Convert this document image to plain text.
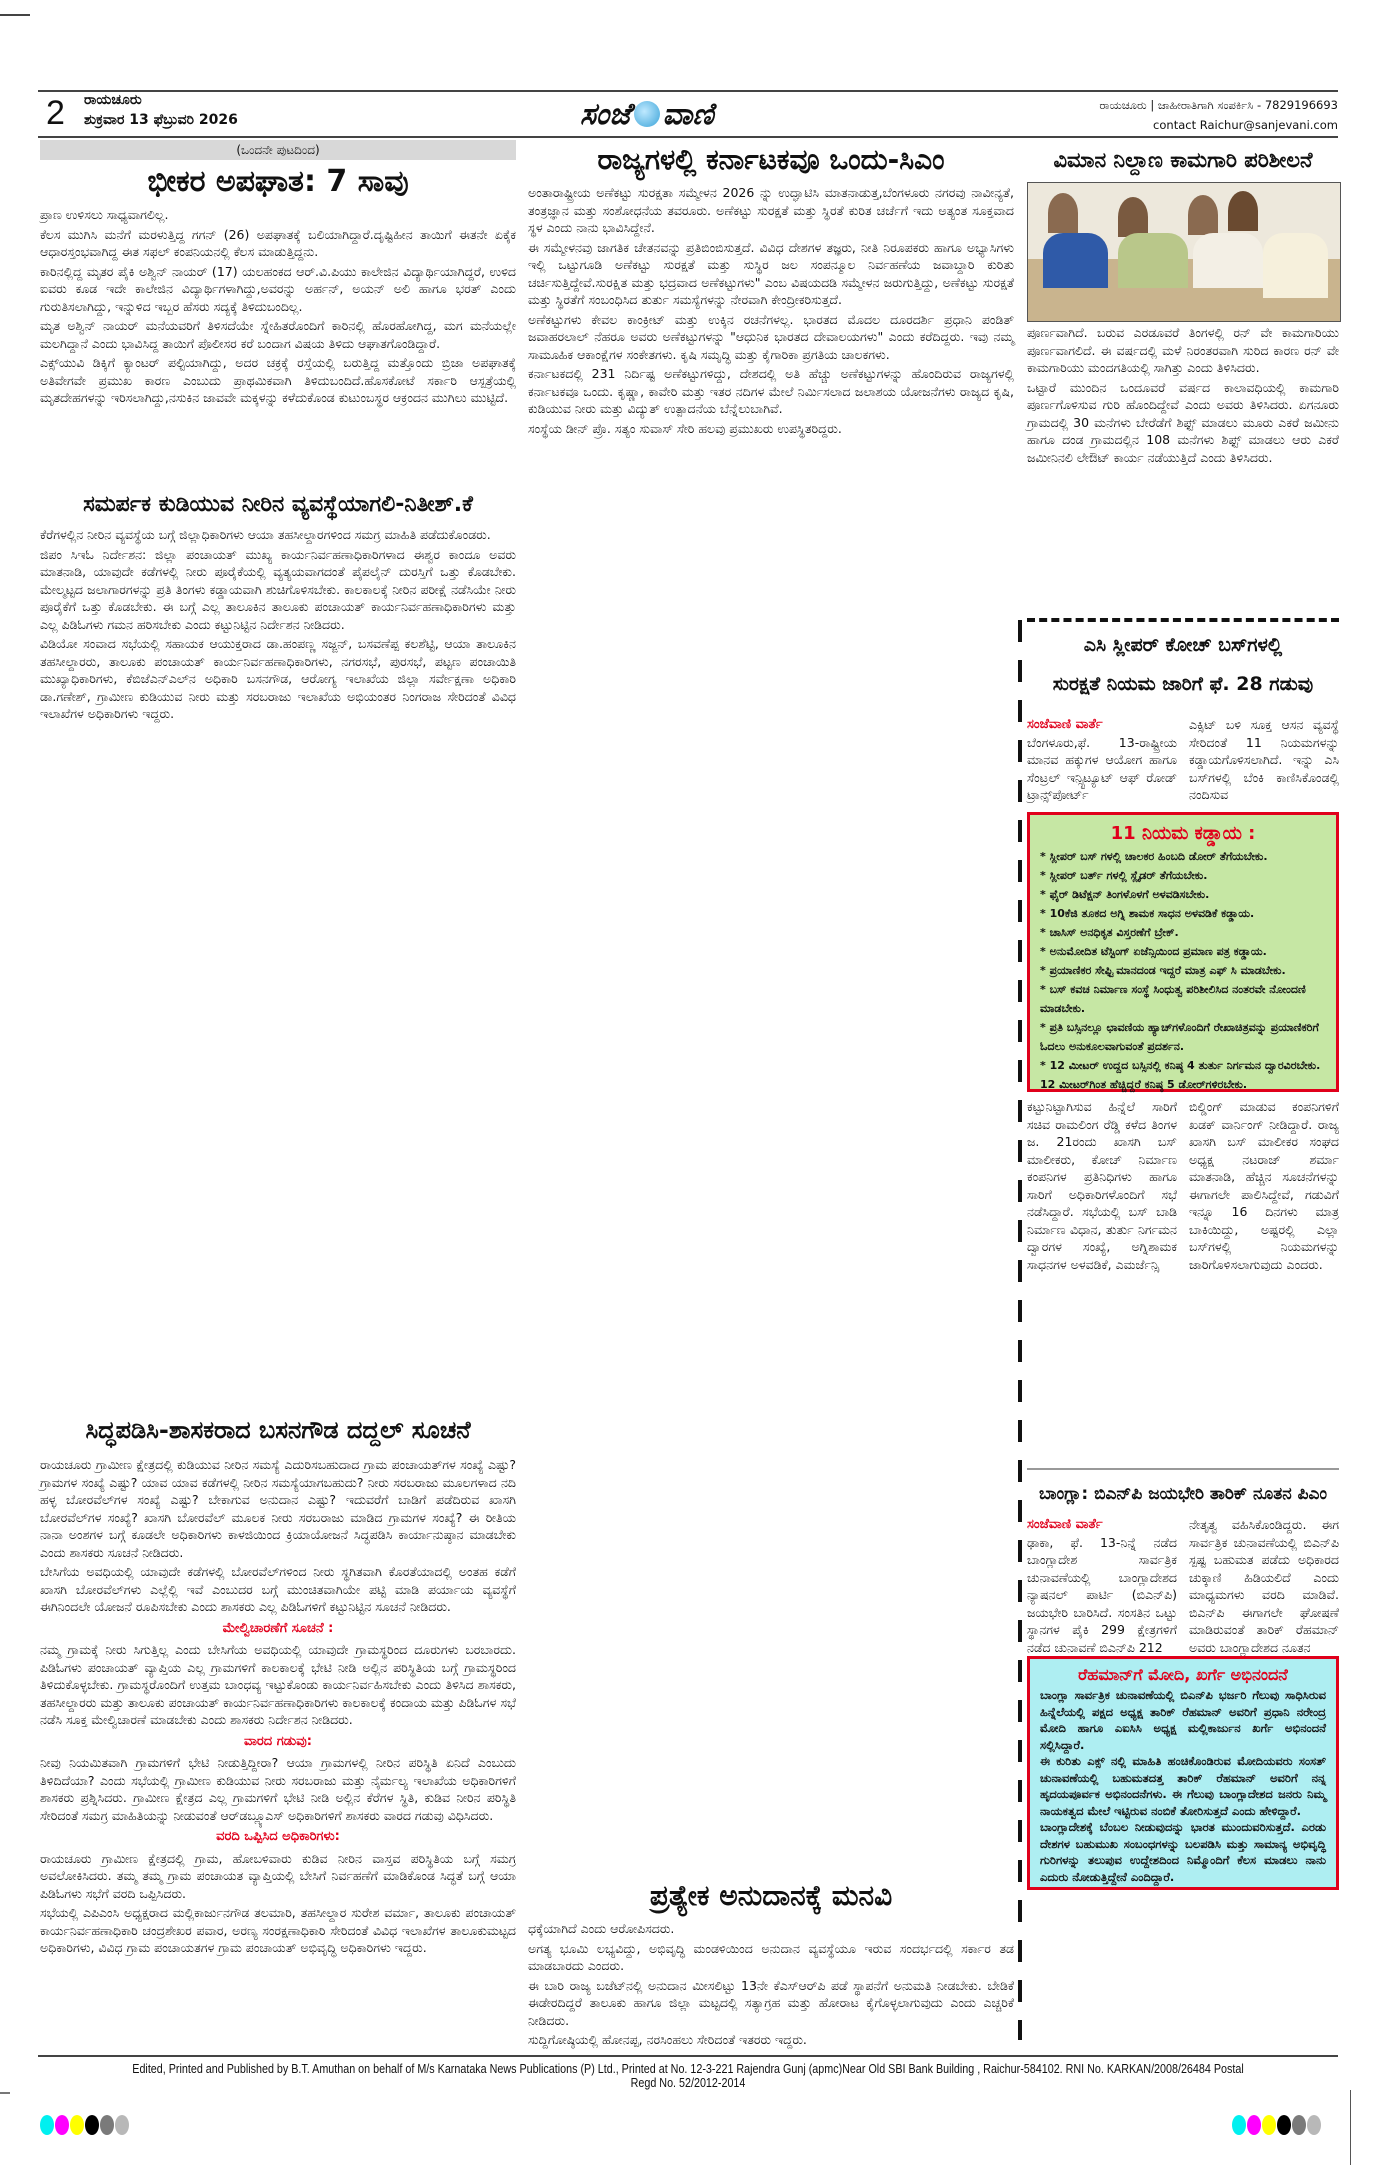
2 ರಾಯಚೂರು
ಶುಕ್ರವಾರ 13 ಫೆಬ್ರುವರಿ 2026	ಸಂಜೆ ವಾಣಿ	ರಾಯಚೂರು | ಜಾಹೀರಾತಿಗಾಗಿ ಸಂಪರ್ಕಿಸಿ - 7829196693
contact Raichur@sanjevani.com
(ಒಂದನೇ ಪುಟದಿಂದ)
ಭೀಕರ ಅಪಘಾತ: 7 ಸಾವು

ಪ್ರಾಣ ಉಳಿಸಲು ಸಾಧ್ಯವಾಗಲಿಲ್ಲ.

ಕೆಲಸ ಮುಗಿಸಿ ಮನೆಗೆ ಮರಳುತ್ತಿದ್ದ ಗಗನ್ (26) ಅಪಘಾತಕ್ಕೆ ಬಲಿಯಾಗಿದ್ದಾರೆ.ದೃಷ್ಟಿಹೀನ ತಾಯಿಗೆ ಈತನೇ ಏಕೈಕ ಆಧಾರಸ್ತಂಭವಾಗಿದ್ದ ಈತ ಸಫಲ್ ಕಂಪನಿಯನಲ್ಲಿ ಕೆಲಸ ಮಾಡುತ್ತಿದ್ದನು.

ಕಾರಿನಲ್ಲಿದ್ದ ಮೃತರ ಪೈಕಿ ಅಶ್ವಿನ್ ನಾಯರ್ (17) ಯಲಹಂಕದ ಆರ್.ವಿ.ಪಿಯು ಕಾಲೇಜಿನ ವಿದ್ಯಾರ್ಥಿಯಾಗಿದ್ದರೆ, ಉಳಿದ ಐವರು ಕೂಡ ಇದೇ ಕಾಲೇಜಿನ ವಿದ್ಯಾರ್ಥಿಗಳಾಗಿದ್ದು,ಅವರನ್ನು ಅರ್ಹನ್, ಅಯನ್ ಅಲಿ ಹಾಗೂ ಭರತ್ ಎಂದು ಗುರುತಿಸಲಾಗಿದ್ದು, ಇನ್ನುಳಿದ ಇಬ್ಬರ ಹೆಸರು ಸದ್ಯಕ್ಕೆ ತಿಳಿದುಬಂದಿಲ್ಲ.

ಮೃತ ಅಶ್ವಿನ್ ನಾಯರ್ ಮನೆಯವರಿಗೆ ತಿಳಿಸದೆಯೇ ಸ್ನೇಹಿತರೊಂದಿಗೆ ಕಾರಿನಲ್ಲಿ ಹೊರಹೋಗಿದ್ದ, ಮಗ ಮನೆಯಲ್ಲೇ ಮಲಗಿದ್ದಾನೆ ಎಂದು ಭಾವಿಸಿದ್ದ ತಾಯಿಗೆ ಪೊಲೀಸರ ಕರೆ ಬಂದಾಗ ವಿಷಯ ತಿಳಿದು ಆಘಾತಗೊಂಡಿದ್ದಾರೆ.

ಎಕ್ಸ್‌ಯುವಿ ಡಿಕ್ಕಿಗೆ ಕ್ಯಾಂಟರ್ ಪಲ್ಟಿಯಾಗಿದ್ದು, ಅದರ ಚಕ್ರಕ್ಕೆ ರಸ್ತೆಯಲ್ಲಿ ಬರುತ್ತಿದ್ದ ಮತ್ತೊಂದು ಬ್ರಿಜಾ ಅಪಘಾತಕ್ಕೆ ಅತಿವೇಗವೇ ಪ್ರಮುಖ ಕಾರಣ ಎಂಬುದು ಪ್ರಾಥಮಿಕವಾಗಿ ತಿಳಿದುಬಂದಿದೆ.ಹೊಸಕೋಟೆ ಸರ್ಕಾರಿ ಆಸ್ಪತ್ರೆಯಲ್ಲಿ ಮೃತದೇಹಗಳನ್ನು ಇರಿಸಲಾಗಿದ್ದು,ನಸುಕಿನ ಜಾವವೇ ಮಕ್ಕಳನ್ನು ಕಳೆದುಕೊಂಡ ಕುಟುಂಬಸ್ಥರ ಆಕ್ರಂದನ ಮುಗಿಲು ಮುಟ್ಟಿದೆ.

ಸಮರ್ಪಕ ಕುಡಿಯುವ ನೀರಿನ ವ್ಯವಸ್ಥೆಯಾಗಲಿ-ನಿತೀಶ್.ಕೆ

ಕೆರೆಗಳಲ್ಲಿನ ನೀರಿನ ವ್ಯವಸ್ಥೆಯ ಬಗ್ಗೆ ಜಿಲ್ಲಾಧಿಕಾರಿಗಳು ಆಯಾ ತಹಸೀಲ್ದಾರಗಳಿಂದ ಸಮಗ್ರ ಮಾಹಿತಿ ಪಡೆದುಕೊಂಡರು.

ಜಿಪಂ ಸಿಇಓ ನಿರ್ದೇಶನ: ಜಿಲ್ಲಾ ಪಂಚಾಯತ್ ಮುಖ್ಯ ಕಾರ್ಯನಿರ್ವಹಣಾಧಿಕಾರಿಗಳಾದ ಈಶ್ವರ ಕಾಂದೂ ಅವರು ಮಾತನಾಡಿ, ಯಾವುದೇ ಕಡೆಗಳಲ್ಲಿ ನೀರು ಪೂರೈಕೆಯಲ್ಲಿ ವ್ಯತ್ಯಯವಾಗದಂತೆ ಪೈಪಲೈನ್ ದುರಸ್ತಿಗೆ ಒತ್ತು ಕೊಡಬೇಕು. ಮೇಲ್ಮಟ್ಟದ ಜಲಾಗಾರಗಳನ್ನು ಪ್ರತಿ ತಿಂಗಳು ಕಡ್ಡಾಯವಾಗಿ ಶುಚಿಗೊಳಿಸಬೇಕು. ಕಾಲಕಾಲಕ್ಕೆ ನೀರಿನ ಪರೀಕ್ಷೆ ನಡೆಸಿಯೇ ನೀರು ಪೂರೈಕೆಗೆ ಒತ್ತು ಕೊಡಬೇಕು. ಈ ಬಗ್ಗೆ ಎಲ್ಲ ತಾಲೂಕಿನ ತಾಲೂಕು ಪಂಚಾಯತ್ ಕಾರ್ಯನಿರ್ವಹಣಾಧಿಕಾರಿಗಳು ಮತ್ತು ಎಲ್ಲ ಪಿಡಿಓಗಳು ಗಮನ ಹರಿಸಬೇಕು ಎಂದು ಕಟ್ಟುನಿಟ್ಟಿನ ನಿರ್ದೇಶನ ನೀಡಿದರು.

ವಿಡಿಯೋ ಸಂವಾದ ಸಭೆಯಲ್ಲಿ ಸಹಾಯಕ ಆಯುಕ್ತರಾದ ಡಾ.ಹಂಪಣ್ಣ ಸಜ್ಜನ್, ಬಸವಣೆಪ್ಪ ಕಲಶೆಟ್ಟಿ, ಆಯಾ ತಾಲೂಕಿನ ತಹಸೀಲ್ದಾರರು, ತಾಲೂಕು ಪಂಚಾಯತ್ ಕಾರ್ಯನಿರ್ವಹಣಾಧಿಕಾರಿಗಳು, ನಗರಸಭೆ, ಪುರಸಭೆ, ಪಟ್ಟಣ ಪಂಚಾಯಿತಿ ಮುಖ್ಯಾಧಿಕಾರಿಗಳು, ಕೆಬಿಜೆಎನ್‌ಎಲ್‌ನ ಅಧಿಕಾರಿ ಬಸನಗೌಡ, ಆರೋಗ್ಯ ಇಲಾಖೆಯ ಜಿಲ್ಲಾ ಸರ್ವೇಕ್ಷಣಾ ಅಧಿಕಾರಿ ಡಾ.ಗಣೇಶ್, ಗ್ರಾಮೀಣ ಕುಡಿಯುವ ನೀರು ಮತ್ತು ಸರಬರಾಜು ಇಲಾಖೆಯ ಅಭಿಯಂತರ ನಿಂಗರಾಜ ಸೇರಿದಂತೆ ವಿವಿಧ ಇಲಾಖೆಗಳ ಅಧಿಕಾರಿಗಳು ಇದ್ದರು.

ಸಿದ್ಧಪಡಿಸಿ-ಶಾಸಕರಾದ ಬಸನಗೌಡ ದದ್ದಲ್ ಸೂಚನೆ

ರಾಯಚೂರು ಗ್ರಾಮೀಣ ಕ್ಷೇತ್ರದಲ್ಲಿ ಕುಡಿಯುವ ನೀರಿನ ಸಮಸ್ಯೆ ಎದುರಿಸಬಹುದಾದ ಗ್ರಾಮ ಪಂಚಾಯತ್‌ಗಳ ಸಂಖ್ಯೆ ಎಷ್ಟು? ಗ್ರಾಮಗಳ ಸಂಖ್ಯೆ ಎಷ್ಟು? ಯಾವ ಯಾವ ಕಡೆಗಳಲ್ಲಿ ನೀರಿನ ಸಮಸ್ಯೆಯಾಗಬಹುದು? ನೀರು ಸರಬರಾಜು ಮೂಲಗಳಾದ ನದಿ ಹಳ್ಳ ಬೋರವೆಲ್‌ಗಳ ಸಂಖ್ಯೆ ಎಷ್ಟು? ಬೇಕಾಗುವ ಅನುದಾನ ಎಷ್ಟು? ಇದುವರೆಗೆ ಬಾಡಿಗೆ ಪಡೆದಿರುವ ಖಾಸಗಿ ಬೋರವೆಲ್‌ಗಳ ಸಂಖ್ಯೆ? ಖಾಸಗಿ ಬೋರವೆಲ್ ಮೂಲಕ ನೀರು ಸರಬರಾಜು ಮಾಡಿದ ಗ್ರಾಮಗಳ ಸಂಖ್ಯೆ? ಈ ರೀತಿಯ ನಾನಾ ಅಂಶಗಳ ಬಗ್ಗೆ ಕೂಡಲೇ ಅಧಿಕಾರಿಗಳು ಕಾಳಜಿಯಿಂದ ಕ್ರಿಯಾಯೋಜನೆ ಸಿದ್ಧಪಡಿಸಿ ಕಾರ್ಯಾನುಷ್ಠಾನ ಮಾಡಬೇಕು ಎಂದು ಶಾಸಕರು ಸೂಚನೆ ನೀಡಿದರು.

ಬೇಸಿಗೆಯ ಅವಧಿಯಲ್ಲಿ ಯಾವುದೇ ಕಡೆಗಳಲ್ಲಿ ಬೋರವೆಲ್‌ಗಳಿಂದ ನೀರು ಸ್ಥಗಿತವಾಗಿ ಕೊರತೆಯಾದಲ್ಲಿ ಅಂತಹ ಕಡೆಗೆ ಖಾಸಗಿ ಬೋರವೆಲ್‌ಗಳು ಎಲ್ಲೆಲ್ಲಿ ಇವೆ ಎಂಬುದರ ಬಗ್ಗೆ ಮುಂಚಿತವಾಗಿಯೇ ಪಟ್ಟಿ ಮಾಡಿ ಪರ್ಯಾಯ ವ್ಯವಸ್ಥೆಗೆ ಈಗಿನಿಂದಲೇ ಯೋಜನೆ ರೂಪಿಸಬೇಕು ಎಂದು ಶಾಸಕರು ಎಲ್ಲ ಪಿಡಿಓಗಳಿಗೆ ಕಟ್ಟುನಿಟ್ಟಿನ ಸೂಚನೆ ನೀಡಿದರು.

ಮೇಲ್ವಿಚಾರಣೆಗೆ ಸೂಚನೆ :

ನಮ್ಮ ಗ್ರಾಮಕ್ಕೆ ನೀರು ಸಿಗುತ್ತಿಲ್ಲ ಎಂದು ಬೇಸಿಗೆಯ ಅವಧಿಯಲ್ಲಿ ಯಾವುದೇ ಗ್ರಾಮಸ್ಥರಿಂದ ದೂರುಗಳು ಬರಬಾರದು. ಪಿಡಿಓಗಳು ಪಂಚಾಯತ್ ವ್ಯಾಪ್ತಿಯ ಎಲ್ಲ ಗ್ರಾಮಗಳಿಗೆ ಕಾಲಕಾಲಕ್ಕೆ ಭೇಟಿ ನೀಡಿ ಅಲ್ಲಿನ ಪರಿಸ್ಥಿತಿಯ ಬಗ್ಗೆ ಗ್ರಾಮಸ್ಥರಿಂದ ತಿಳಿದುಕೊಳ್ಳಬೇಕು. ಗ್ರಾಮಸ್ಥರೊಂದಿಗೆ ಉತ್ತಮ ಬಾಂಧವ್ಯ ಇಟ್ಟುಕೊಂಡು ಕಾರ್ಯನಿರ್ವಹಿಸಬೇಕು ಎಂದು ತಿಳಿಸಿದ ಶಾಸಕರು, ತಹಸೀಲ್ದಾರರು ಮತ್ತು ತಾಲೂಕು ಪಂಚಾಯತ್ ಕಾರ್ಯನಿರ್ವಹಣಾಧಿಕಾರಿಗಳು ಕಾಲಕಾಲಕ್ಕೆ ಕಂದಾಯ ಮತ್ತು ಪಿಡಿಓಗಳ ಸಭೆ ನಡೆಸಿ ಸೂಕ್ತ ಮೇಲ್ವಿಚಾರಣೆ ಮಾಡಬೇಕು ಎಂದು ಶಾಸಕರು ನಿರ್ದೇಶನ ನೀಡಿದರು.

ವಾರದ ಗಡುವು:

ನೀವು ನಿಯಮಿತವಾಗಿ ಗ್ರಾಮಗಳಿಗೆ ಭೇಟಿ ನೀಡುತ್ತಿದ್ದೀರಾ? ಆಯಾ ಗ್ರಾಮಗಳಲ್ಲಿ ನೀರಿನ ಪರಿಸ್ಥಿತಿ ಏನಿದೆ ಎಂಬುದು ತಿಳಿದಿದೆಯಾ? ಎಂದು ಸಭೆಯಲ್ಲಿ ಗ್ರಾಮೀಣ ಕುಡಿಯುವ ನೀರು ಸರಬರಾಜು ಮತ್ತು ನೈರ್ಮಲ್ಯ ಇಲಾಖೆಯ ಅಧಿಕಾರಿಗಳಿಗೆ ಶಾಸಕರು ಪ್ರಶ್ನಿಸಿದರು. ಗ್ರಾಮೀಣ ಕ್ಷೇತ್ರದ ಎಲ್ಲ ಗ್ರಾಮಗಳಿಗೆ ಭೇಟಿ ನೀಡಿ ಅಲ್ಲಿನ ಕೆರೆಗಳ ಸ್ಥಿತಿ, ಕುಡಿವ ನೀರಿನ ಪರಿಸ್ಥಿತಿ ಸೇರಿದಂತೆ ಸಮಗ್ರ ಮಾಹಿತಿಯನ್ನು ನೀಡುವಂತೆ ಆರ್‌ಡಬ್ಲ್ಯೂಎಸ್ ಅಧಿಕಾರಿಗಳಿಗೆ ಶಾಸಕರು ವಾರದ ಗಡುವು ವಿಧಿಸಿದರು.

ವರದಿ ಒಪ್ಪಿಸಿದ ಅಧಿಕಾರಿಗಳು:

ರಾಯಚೂರು ಗ್ರಾಮೀಣ ಕ್ಷೇತ್ರದಲ್ಲಿ ಗ್ರಾಮ, ಹೋಬಳಿವಾರು ಕುಡಿವ ನೀರಿನ ವಾಸ್ತವ ಪರಿಸ್ಥಿತಿಯ ಬಗ್ಗೆ ಸಮಗ್ರ ಅವಲೋಕಿಸಿದರು. ತಮ್ಮ ತಮ್ಮ ಗ್ರಾಮ ಪಂಚಾಯತ ವ್ಯಾಪ್ತಿಯಲ್ಲಿ ಬೇಸಿಗೆ ನಿರ್ವಹಣೆಗೆ ಮಾಡಿಕೊಂಡ ಸಿದ್ಧತೆ ಬಗ್ಗೆ ಆಯಾ ಪಿಡಿಓಗಳು ಸಭೆಗೆ ವರದಿ ಒಪ್ಪಿಸಿದರು.

ಸಭೆಯಲ್ಲಿ ಎಪಿಎಂಸಿ ಅಧ್ಯಕ್ಷರಾದ ಮಲ್ಲಿಕಾರ್ಜುನಗೌಡ ತಲಮಾರಿ, ತಹಸೀಲ್ದಾರ ಸುರೇಶ ವರ್ಮಾ, ತಾಲೂಕು ಪಂಚಾಯತ್ ಕಾರ್ಯನಿರ್ವಹಣಾಧಿಕಾರಿ ಚಂದ್ರಶೇಖರ ಪವಾರ, ಅರಣ್ಯ ಸಂರಕ್ಷಣಾಧಿಕಾರಿ ಸೇರಿದಂತೆ ವಿವಿಧ ಇಲಾಖೆಗಳ ತಾಲೂಕುಮಟ್ಟದ ಅಧಿಕಾರಿಗಳು, ವಿವಿಧ ಗ್ರಾಮ ಪಂಚಾಯತಗಳ ಗ್ರಾಮ ಪಂಚಾಯತ್ ಅಭಿವೃದ್ಧಿ ಅಧಿಕಾರಿಗಳು ಇದ್ದರು.

ರಾಜ್ಯಗಳಲ್ಲಿ ಕರ್ನಾಟಕವೂ ಒಂದು-ಸಿಎಂ

ಅಂತಾರಾಷ್ಟ್ರೀಯ ಅಣೆಕಟ್ಟು ಸುರಕ್ಷತಾ ಸಮ್ಮೇಳನ 2026 ನ್ನು ಉದ್ಘಾಟಿಸಿ ಮಾತನಾಡುತ್ತ,ಬೆಂಗಳೂರು ನಗರವು ನಾವೀನ್ಯತೆ, ತಂತ್ರಜ್ಞಾನ ಮತ್ತು ಸಂಶೋಧನೆಯ ತವರೂರು. ಅಣೆಕಟ್ಟು ಸುರಕ್ಷತೆ ಮತ್ತು ಸ್ಥಿರತೆ ಕುರಿತ ಚರ್ಚೆಗೆ ಇದು ಅತ್ಯಂತ ಸೂಕ್ತವಾದ ಸ್ಥಳ ಎಂದು ನಾನು ಭಾವಿಸಿದ್ದೇನೆ.

ಈ ಸಮ್ಮೇಳನವು ಜಾಗತಿಕ ಚೇತನವನ್ನು ಪ್ರತಿಬಿಂಬಿಸುತ್ತದೆ. ವಿವಿಧ ದೇಶಗಳ ತಜ್ಞರು, ನೀತಿ ನಿರೂಪಕರು ಹಾಗೂ ಅಭ್ಯಾಸಿಗಳು ಇಲ್ಲಿ ಒಟ್ಟುಗೂಡಿ ಅಣೆಕಟ್ಟು ಸುರಕ್ಷತೆ ಮತ್ತು ಸುಸ್ಥಿರ ಜಲ ಸಂಪನ್ಮೂಲ ನಿರ್ವಹಣೆಯ ಜವಾಬ್ದಾರಿ ಕುರಿತು ಚರ್ಚಿಸುತ್ತಿದ್ದೇವೆ.ಸುರಕ್ಷಿತ ಮತ್ತು ಭದ್ರವಾದ ಅಣೆಕಟ್ಟುಗಳು" ಎಂಬ ವಿಷಯದಡಿ ಸಮ್ಮೇಳನ ಜರುಗುತ್ತಿದ್ದು, ಅಣೆಕಟ್ಟು ಸುರಕ್ಷತೆ ಮತ್ತು ಸ್ಥಿರತೆಗೆ ಸಂಬಂಧಿಸಿದ ತುರ್ತು ಸಮಸ್ಯೆಗಳನ್ನು ನೇರವಾಗಿ ಕೇಂದ್ರೀಕರಿಸುತ್ತದೆ.

ಅಣೆಕಟ್ಟುಗಳು ಕೇವಲ ಕಾಂಕ್ರೀಟ್ ಮತ್ತು ಉಕ್ಕಿನ ರಚನೆಗಳಲ್ಲ. ಭಾರತದ ಮೊದಲ ದೂರದರ್ಶಿ ಪ್ರಧಾನಿ ಪಂಡಿತ್ ಜವಾಹರಲಾಲ್ ನೆಹರೂ ಅವರು ಅಣೆಕಟ್ಟುಗಳನ್ನು "ಆಧುನಿಕ ಭಾರತದ ದೇವಾಲಯಗಳು" ಎಂದು ಕರೆದಿದ್ದರು. ಇವು ನಮ್ಮ ಸಾಮೂಹಿಕ ಆಕಾಂಕ್ಷೆಗಳ ಸಂಕೇತಗಳು. ಕೃಷಿ ಸಮೃದ್ಧಿ ಮತ್ತು ಕೈಗಾರಿಕಾ ಪ್ರಗತಿಯ ಚಾಲಕಗಳು.

ಕರ್ನಾಟಕದಲ್ಲಿ 231 ನಿರ್ದಿಷ್ಟ ಅಣೆಕಟ್ಟುಗಳಿದ್ದು, ದೇಶದಲ್ಲಿ ಅತಿ ಹೆಚ್ಚು ಅಣೆಕಟ್ಟುಗಳನ್ನು ಹೊಂದಿರುವ ರಾಜ್ಯಗಳಲ್ಲಿ ಕರ್ನಾಟಕವೂ ಒಂದು. ಕೃಷ್ಣಾ, ಕಾವೇರಿ ಮತ್ತು ಇತರ ನದಿಗಳ ಮೇಲೆ ನಿರ್ಮಿಸಲಾದ ಜಲಾಶಯ ಯೋಜನೆಗಳು ರಾಜ್ಯದ ಕೃಷಿ, ಕುಡಿಯುವ ನೀರು ಮತ್ತು ವಿದ್ಯುತ್ ಉತ್ಪಾದನೆಯ ಬೆನ್ನೆಲುಬಾಗಿವೆ.

ಸಂಸ್ಥೆಯ ಡೀನ್ ಪ್ರೊ. ಸತ್ಯಂ ಸುವಾಸ್ ಸೇರಿ ಹಲವು ಪ್ರಮುಖರು ಉಪಸ್ಥಿತರಿದ್ದರು.

ಪ್ರತ್ಯೇಕ ಅನುದಾನಕ್ಕೆ ಮನವಿ

ಧಕ್ಕೆಯಾಗಿದೆ ಎಂದು ಆರೋಪಿಸದರು.

ಅಗತ್ಯ ಭೂಮಿ ಲಭ್ಯವಿದ್ದು, ಅಭಿವೃದ್ಧಿ ಮಂಡಳಿಯಿಂದ ಅನುದಾನ ವ್ಯವಸ್ಥೆಯೂ ಇರುವ ಸಂದರ್ಭದಲ್ಲಿ ಸರ್ಕಾರ ತಡ ಮಾಡಬಾರದು ಎಂದರು.

ಈ ಬಾರಿ ರಾಜ್ಯ ಬಜೆಟ್‌ನಲ್ಲಿ ಅನುದಾನ ಮೀಸಲಿಟ್ಟು 13ನೇ ಕೆಎಸ್‌ಆರ್‌ಪಿ ಪಡೆ ಸ್ಥಾಪನೆಗೆ ಅನುಮತಿ ನೀಡಬೇಕು. ಬೇಡಿಕೆ ಈಡೇರದಿದ್ದರೆ ತಾಲೂಕು ಹಾಗೂ ಜಿಲ್ಲಾ ಮಟ್ಟದಲ್ಲಿ ಸತ್ಯಾಗ್ರಹ ಮತ್ತು ಹೋರಾಟ ಕೈಗೊಳ್ಳಲಾಗುವುದು ಎಂದು ಎಚ್ಚರಿಕೆ ನೀಡಿದರು.

ಸುದ್ದಿಗೋಷ್ಠಿಯಲ್ಲಿ ಹೋನಪ್ಪ, ನರಸಿಂಹಲು ಸೇರಿದಂತೆ ಇತರರು ಇದ್ದರು.

ವಿಮಾನ ನಿಲ್ದಾಣ ಕಾಮಗಾರಿ ಪರಿಶೀಲನೆ

ಪೂರ್ಣವಾಗಿದೆ. ಬರುವ ಎರಡೂವರೆ ತಿಂಗಳಲ್ಲಿ ರನ್ ವೇ ಕಾಮಗಾರಿಯು ಪೂರ್ಣವಾಗಲಿದೆ. ಈ ವರ್ಷದಲ್ಲಿ ಮಳೆ ನಿರಂತರವಾಗಿ ಸುರಿದ ಕಾರಣ ರನ್ ವೇ ಕಾಮಗಾರಿಯು ಮಂದಗತಿಯಲ್ಲಿ ಸಾಗಿತ್ತು ಎಂದು ತಿಳಿಸಿದರು.

ಒಟ್ಟಾರೆ ಮುಂದಿನ ಒಂದೂವರೆ ವರ್ಷದ ಕಾಲಾವಧಿಯಲ್ಲಿ ಕಾಮಗಾರಿ ಪೂರ್ಣಗೊಳಿಸುವ ಗುರಿ ಹೊಂದಿದ್ದೇವೆ ಎಂದು ಅವರು ತಿಳಿಸಿದರು. ಏಗನೂರು ಗ್ರಾಮದಲ್ಲಿ 30 ಮನೆಗಳು ಬೇರೆಡೆಗೆ ಶಿಫ್ಟ್ ಮಾಡಲು ಮೂರು ಎಕರೆ ಜಮೀನು ಹಾಗೂ ದಂಡ ಗ್ರಾಮದಲ್ಲಿನ 108 ಮನೆಗಳು ಶಿಫ್ಟ್ ಮಾಡಲು ಆರು ಎಕರೆ ಜಮೀನಿನಲಿ ಲೇಔಟ್ ಕಾರ್ಯ ನಡೆಯುತ್ತಿದೆ ಎಂದು ತಿಳಿಸಿದರು.

ಎಸಿ ಸ್ಲೀಪರ್ ಕೋಚ್ ಬಸ್‌ಗಳಲ್ಲಿ
ಸುರಕ್ಷತೆ ನಿಯಮ ಜಾರಿಗೆ ಫೆ. 28 ಗಡುವು
ಸಂಜೆವಾಣಿ ವಾರ್ತೆ
ಬೆಂಗಳೂರು,ಫೆ. 13-ರಾಷ್ಟ್ರೀಯ ಮಾನವ ಹಕ್ಕುಗಳ ಆಯೋಗ ಹಾಗೂ ಸೆಂಟ್ರಲ್ ಇನ್ಸ್ಟಿಟ್ಯೂಟ್ ಆಫ್ ರೋಡ್ ಟ್ರಾನ್ಸ್‌ಪೋರ್ಟ್
ಎಕ್ಸಿಟ್ ಬಳಿ ಸೂಕ್ತ ಆಸನ ವ್ಯವಸ್ಥೆ ಸೇರಿದಂತೆ 11 ನಿಯಮಗಳನ್ನು ಕಡ್ಡಾಯಗೊಳಿಸಲಾಗಿದೆ. ಇನ್ನು ಎಸಿ ಬಸ್‌ಗಳಲ್ಲಿ ಬೆಂಕಿ ಕಾಣಿಸಿಕೊಂಡಲ್ಲಿ ನಂದಿಸುವ
11 ನಿಯಮ ಕಡ್ಡಾಯ :
* ಸ್ಲೀಪರ್ ಬಸ್ ಗಳಲ್ಲಿ ಚಾಲಕರ ಹಿಂಬದಿ ಡೋರ್ ತೆಗೆಯಬೇಕು.
* ಸ್ಲೀಪರ್ ಬರ್ತ್ ಗಳಲ್ಲಿ ಸ್ಲೈಡರ್ ತೆಗೆಯಬೇಕು.
* ಫೈರ್ ಡಿಟೆಕ್ಷನ್ ತಿಂಗಳೊಳಗೆ ಅಳವಡಿಸಬೇಕು.
* 10ಕೆಜಿ ತೂಕದ ಅಗ್ನಿ ಶಾಮಕ ಸಾಧನ ಅಳವಡಿಕೆ ಕಡ್ಡಾಯ.
* ಚಾಸಿಸ್ ಅನಧಿಕೃತ ವಿಸ್ತರಣೆಗೆ ಬ್ರೇಕ್.
* ಅನುಮೋದಿತ ಟೆಸ್ಟಿಂಗ್ ಏಜೆನ್ಸಿಯಿಂದ ಪ್ರಮಾಣ ಪತ್ರ ಕಡ್ಡಾಯ.
* ಪ್ರಯಾಣಿಕರ ಸೇಫ್ಟಿ ಮಾನದಂಡ ಇದ್ದರೆ ಮಾತ್ರ ಎಫ್ ಸಿ ಮಾಡಬೇಕು.
* ಬಸ್ ಕವಚ ನಿರ್ಮಾಣ ಸಂಸ್ಥೆ ಸಿಂಧುತ್ವ ಪರಿಶೀಲಿಸಿದ ನಂತರವೇ ನೋಂದಣಿ ಮಾಡಬೇಕು.
* ಪ್ರತಿ ಬಸ್ಸಿನಲ್ಲೂ ಛಾವಣಿಯ ಹ್ಯಾಚ್‌ಗಳೊಂದಿಗೆ ರೇಖಾಚಿತ್ರವನ್ನು ಪ್ರಯಾಣಿಕರಿಗೆ ಓದಲು ಅನುಕೂಲವಾಗುವಂತೆ ಪ್ರದರ್ಶನ.
* 12 ಮೀಟರ್ ಉದ್ದದ ಬಸ್ಸಿನಲ್ಲಿ ಕನಿಷ್ಠ 4 ತುರ್ತು ನಿರ್ಗಮನ ದ್ವಾರವಿರಬೇಕು. 12 ಮೀಟರ್‌ಗಿಂತ ಹೆಚ್ಚಿದ್ದರೆ ಕನಿಷ್ಠ 5 ಡೋರ್‌ಗಳಿರಬೇಕು.
ಕಟ್ಟುನಿಟ್ಟಾಗಿಸುವ ಹಿನ್ನೆಲೆ ಸಾರಿಗೆ ಸಚಿವ ರಾಮಲಿಂಗ ರೆಡ್ಡಿ ಕಳೆದ ತಿಂಗಳ ಜ. 21ರಂದು ಖಾಸಗಿ ಬಸ್ ಮಾಲೀಕರು, ಕೋಚ್ ನಿರ್ಮಾಣ ಕಂಪನಿಗಳ ಪ್ರತಿನಿಧಿಗಳು ಹಾಗೂ ಸಾರಿಗೆ ಅಧಿಕಾರಿಗಳೊಂದಿಗೆ ಸಭೆ ನಡೆಸಿದ್ದಾರೆ. ಸಭೆಯಲ್ಲಿ ಬಸ್ ಬಾಡಿ ನಿರ್ಮಾಣ ವಿಧಾನ, ತುರ್ತು ನಿರ್ಗಮನ ದ್ವಾರಗಳ ಸಂಖ್ಯೆ, ಅಗ್ನಿಶಾಮಕ ಸಾಧನಗಳ ಅಳವಡಿಕೆ, ಎಮರ್ಜೆನ್ಸಿ
ಬಿಲ್ಡಿಂಗ್ ಮಾಡುವ ಕಂಪನಿಗಳಿಗೆ ಖಡಕ್ ವಾರ್ನಿಂಗ್ ನೀಡಿದ್ದಾರೆ. ರಾಜ್ಯ ಖಾಸಗಿ ಬಸ್ ಮಾಲೀಕರ ಸಂಘದ ಅಧ್ಯಕ್ಷ ನಟರಾಜ್ ಶರ್ಮಾ ಮಾತನಾಡಿ, ಹೆಚ್ಚಿನ ಸೂಚನೆಗಳನ್ನು ಈಗಾಗಲೇ ಪಾಲಿಸಿದ್ದೇವೆ, ಗಡುವಿಗೆ ಇನ್ನೂ 16 ದಿನಗಳು ಮಾತ್ರ ಬಾಕಿಯಿದ್ದು, ಅಷ್ಟರಲ್ಲಿ ಎಲ್ಲಾ ಬಸ್‌ಗಳಲ್ಲಿ ನಿಯಮಗಳನ್ನು ಜಾರಿಗೊಳಿಸಲಾಗುವುದು ಎಂದರು.
ಬಾಂಗ್ಲಾ: ಬಿಎನ್‌ಪಿ ಜಯಭೇರಿ ತಾರಿಕ್ ನೂತನ ಪಿಎಂ
ಸಂಜೆವಾಣಿ ವಾರ್ತೆ
ಢಾಕಾ, ಫೆ. 13-ನಿನ್ನೆ ನಡೆದ ಬಾಂಗ್ಲಾದೇಶ ಸಾರ್ವತ್ರಿಕ ಚುನಾವಣೆಯಲ್ಲಿ ಬಾಂಗ್ಲಾದೇಶದ ನ್ಯಾಷನಲ್ ಪಾರ್ಟಿ (ಬಿಎನ್‌ಪಿ) ಜಯಭೇರಿ ಬಾರಿಸಿದೆ. ಸಂಸತಿನ ಒಟ್ಟು ಸ್ಥಾನಗಳ ಪೈಕಿ 299 ಕ್ಷೇತ್ರಗಳಿಗೆ ನಡೆದ ಚುನಾವಣೆ ಬಿಎನ್‌ಪಿ 212
ನೇತೃತ್ವ ವಹಿಸಿಕೊಂಡಿದ್ದರು. ಈಗ ಸಾರ್ವತ್ರಿಕ ಚುನಾವಣೆಯಲ್ಲಿ ಬಿಎನ್‌ಪಿ ಸ್ಪಷ್ಟ ಬಹುಮತ ಪಡೆದು ಅಧಿಕಾರದ ಚುಕ್ಕಾಣಿ ಹಿಡಿಯಲಿದೆ ಎಂದು ಮಾಧ್ಯಮಗಳು ವರದಿ ಮಾಡಿವೆ. ಬಿಎನ್‌ಪಿ ಈಗಾಗಲೇ ಘೋಷಣೆ ಮಾಡಿರುವಂತೆ ತಾರಿಕ್ ರೆಹಮಾನ್ ಅವರು ಬಾಂಗ್ಲಾದೇಶದ ನೂತನ
ರೆಹಮಾನ್‌ಗೆ ಮೋದಿ, ಖರ್ಗೆ ಅಭಿನಂದನೆ
ಬಾಂಗ್ಲಾ ಸಾರ್ವತ್ರಿಕ ಚುನಾವಣೆಯಲ್ಲಿ ಬಿಎನ್‌ಪಿ ಭರ್ಜರಿ ಗೆಲುವು ಸಾಧಿಸಿರುವ ಹಿನ್ನೆಲೆಯಲ್ಲಿ ಪಕ್ಷದ ಅಧ್ಯಕ್ಷ ತಾರಿಕ್ ರೆಹಮಾನ್ ಅವರಿಗೆ ಪ್ರಧಾನಿ ನರೇಂದ್ರ ಮೋದಿ ಹಾಗೂ ಎಐಸಿಸಿ ಅಧ್ಯಕ್ಷ ಮಲ್ಲಿಕಾರ್ಜುನ ಖರ್ಗೆ ಅಭಿನಂದನೆ ಸಲ್ಲಿಸಿದ್ದಾರೆ.
ಈ ಕುರಿತು ಎಕ್ಸ್ ನಲ್ಲಿ ಮಾಹಿತಿ ಹಂಚಿಕೊಂಡಿರುವ ಮೋದಿಯವರು ಸಂಸತ್ ಚುನಾವಣೆಯಲ್ಲಿ ಬಹುಮತದತ್ತ ತಾರಿಕ್ ರೆಹಮಾನ್ ಅವರಿಗೆ ನನ್ನ ಹೃದಯಪೂರ್ವಕ ಅಭಿನಂದನೆಗಳು. ಈ ಗೆಲುವು ಬಾಂಗ್ಲಾದೇಶದ ಜನರು ನಿಮ್ಮ ನಾಯಕತ್ವದ ಮೇಲೆ ಇಟ್ಟಿರುವ ನಂಬಿಕೆ ತೋರಿಸುತ್ತದೆ ಎಂದು ಹೇಳಿದ್ದಾರೆ.
ಬಾಂಗ್ಲಾದೇಶಕ್ಕೆ ಬೆಂಬಲ ನೀಡುವುದನ್ನು ಭಾರತ ಮುಂದುವರಿಸುತ್ತದೆ. ಎರಡು ದೇಶಗಳ ಬಹುಮುಖ ಸಂಬಂಧಗಳನ್ನು ಬಲಪಡಿಸಿ ಮತ್ತು ಸಾಮಾನ್ಯ ಅಭಿವೃದ್ಧಿ ಗುರಿಗಳನ್ನು ತಲುಪುವ ಉದ್ದೇಶದಿಂದ ನಿಮ್ಮೊಂದಿಗೆ ಕೆಲಸ ಮಾಡಲು ನಾನು ಎದುರು ನೋಡುತ್ತಿದ್ದೇನೆ ಎಂದಿದ್ದಾರೆ.
Edited, Printed and Published by B.T. Amuthan on behalf of M/s Karnataka News Publications (P) Ltd., Printed at No. 12-3-221 Rajendra Gunj (apmc)Near Old SBI Bank Building , Raichur-584102. RNI No. KARKAN/2008/26484 Postal Regd No. 52/2012-2014
